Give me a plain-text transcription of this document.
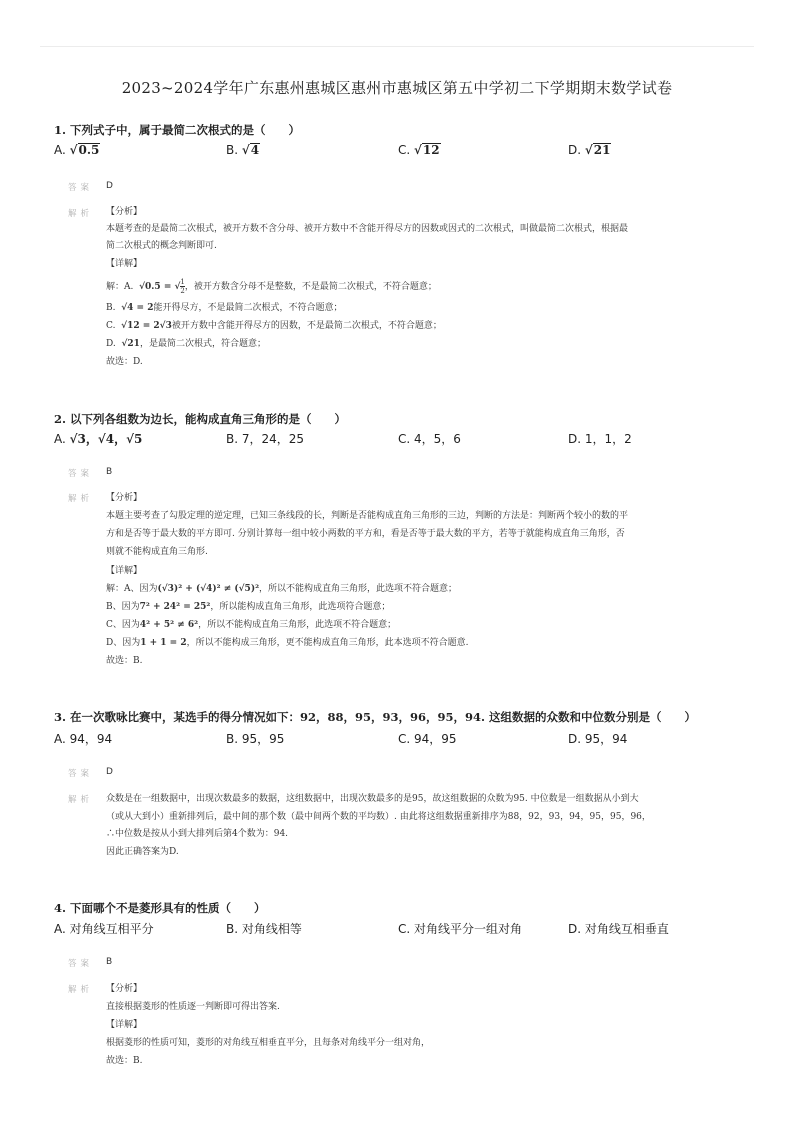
2023~2024学年广东惠州惠城区惠州市惠城区第五中学初二下学期期末数学试卷
1. 下列式子中，属于最简二次根式的是（　　）
A. √0.5	B. √4	C. √12	D. √21
答案 D
解析 【分析】
本题考查的是最简二次根式，被开方数不含分母、被开方数中不含能开得尽方的因数或因式的二次根式，叫做最简二次根式，根据最
简二次根式的概念判断即可.
【详解】
解：A. √0.5 = √ $\frac{1}{2}$ ，被开方数含分母不是整数，不是最简二次根式，不符合题意；
B. √4 = 2能开得尽方，不是最简二次根式，不符合题意；
C. √12 = 2√3被开方数中含能开得尽方的因数，不是最简二次根式，不符合题意；
D. √21，是最简二次根式，符合题意；
故选：D.
2. 以下列各组数为边长，能构成直角三角形的是（　　）
A. √3，√4，√5	B. 7，24，25	C. 4，5，6	D. 1，1，2
答案 B
解析 【分析】
本题主要考查了勾股定理的逆定理，已知三条线段的长，判断是否能构成直角三角形的三边，判断的方法是：判断两个较小的数的平
方和是否等于最大数的平方即可. 分别计算每一组中较小两数的平方和，看是否等于最大数的平方，若等于就能构成直角三角形，否
则就不能构成直角三角形.
【详解】
解：A、因为(√3)² + (√4)² ≠ (√5)²，所以不能构成直角三角形，此选项不符合题意；
B、因为7² + 24² = 25²，所以能构成直角三角形，此选项符合题意；
C、因为4² + 5² ≠ 6²，所以不能构成直角三角形，此选项不符合题意；
D、因为1 + 1 = 2，所以不能构成三角形，更不能构成直角三角形，此本选项不符合题意.
故选：B.
3. 在一次歌咏比赛中，某选手的得分情况如下：92，88，95，93，96，95，94. 这组数据的众数和中位数分别是（　　）
A. 94，94	B. 95，95	C. 94，95	D. 95，94
答案 D
解析 众数是在一组数据中，出现次数最多的数据，这组数据中，出现次数最多的是95，故这组数据的众数为95. 中位数是一组数据从小到大
（或从大到小）重新排列后，最中间的那个数（最中间两个数的平均数）. 由此将这组数据重新排序为88，92，93，94，95，95，96，
∴中位数是按从小到大排列后第4个数为：94.
因此正确答案为D.
4. 下面哪个不是菱形具有的性质（　　）
A. 对角线互相平分	B. 对角线相等	C. 对角线平分一组对角	D. 对角线互相垂直
答案 B
解析 【分析】
直接根据菱形的性质逐一判断即可得出答案.
【详解】
根据菱形的性质可知，菱形的对角线互相垂直平分，且每条对角线平分一组对角，
故选：B.
